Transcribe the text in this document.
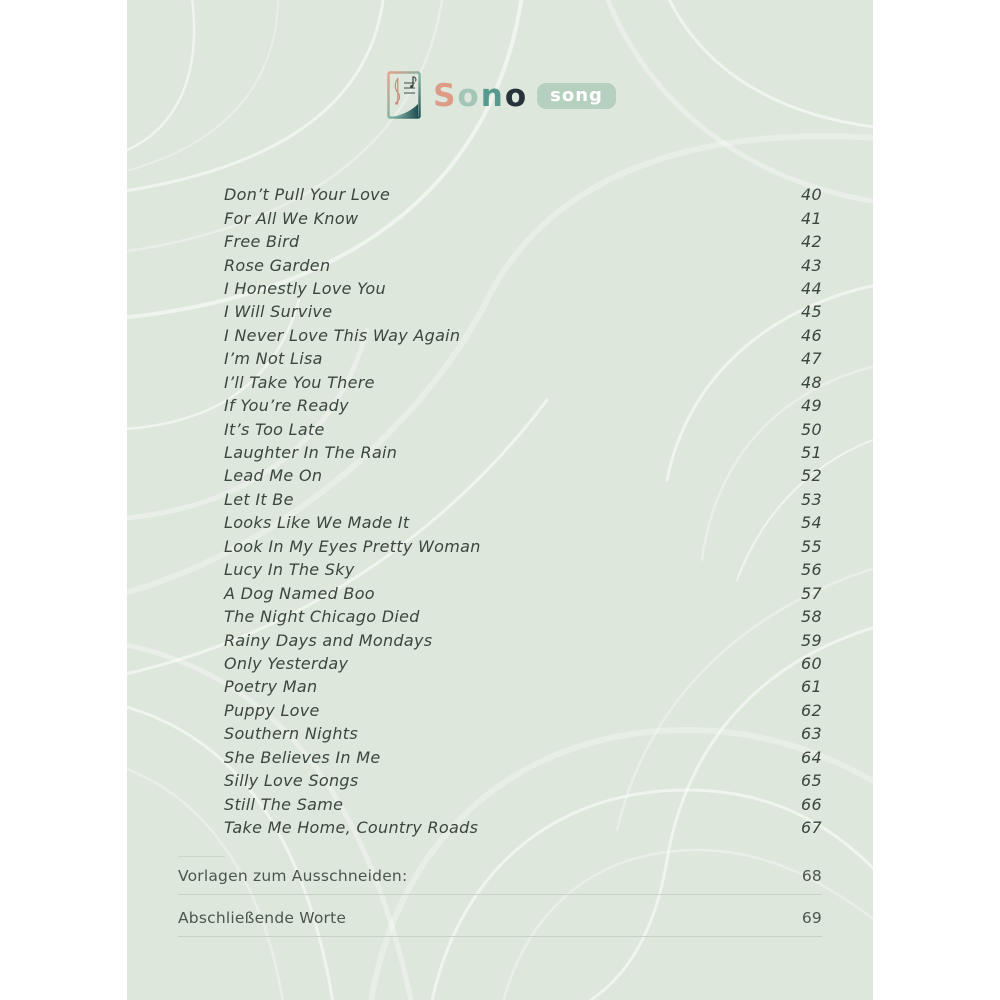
S o n o	song
Don’t Pull Your Love	40
For All We Know	41
Free Bird	42
Rose Garden	43
I Honestly Love You	44
I Will Survive	45
I Never Love This Way Again	46
I’m Not Lisa	47
I’ll Take You There	48
If You’re Ready	49
It’s Too Late	50
Laughter In The Rain	51
Lead Me On	52
Let It Be	53
Looks Like We Made It	54
Look In My Eyes Pretty Woman	55
Lucy In The Sky	56
A Dog Named Boo	57
The Night Chicago Died	58
Rainy Days and Mondays	59
Only Yesterday	60
Poetry Man	61
Puppy Love	62
Southern Nights	63
She Believes In Me	64
Silly Love Songs	65
Still The Same	66
Take Me Home, Country Roads	67
Vorlagen zum Ausschneiden:	68
Abschließende Worte	69
